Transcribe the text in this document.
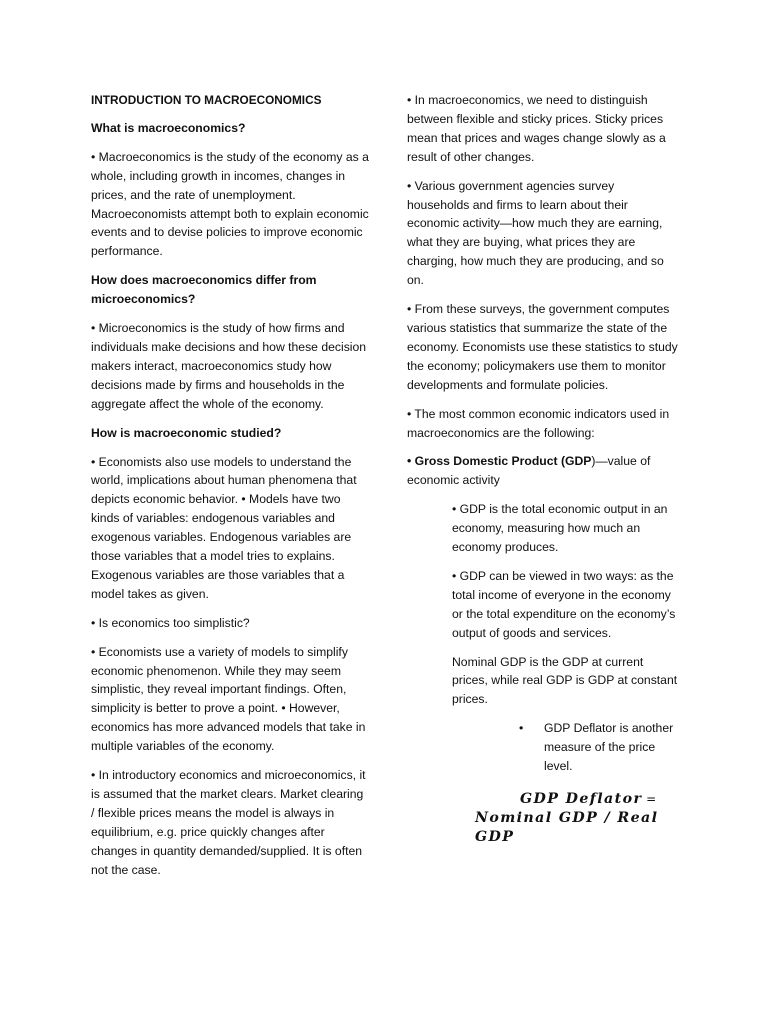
INTRODUCTION TO MACROECONOMICS

What is macroeconomics?

• Macroeconomics is the study of the economy as a whole, including growth in incomes, changes in prices, and the rate of unemployment. Macroeconomists attempt both to explain economic events and to devise policies to improve economic performance.

How does macroeconomics differ from microeconomics?

• Microeconomics is the study of how firms and individuals make decisions and how these decision makers interact, macroeconomics study how decisions made by firms and households in the aggregate affect the whole of the economy.

How is macroeconomic studied?

• Economists also use models to understand the world, implications about human phenomena that depicts economic behavior. • Models have two kinds of variables: endogenous variables and exogenous variables. Endogenous variables are those variables that a model tries to explains. Exogenous variables are those variables that a model takes as given.

• Is economics too simplistic?

• Economists use a variety of models to simplify economic phenomenon. While they may seem simplistic, they reveal important findings. Often, simplicity is better to prove a point. • However, economics has more advanced models that take in multiple variables of the economy.

• In introductory economics and microeconomics, it is assumed that the market clears. Market clearing / flexible prices means the model is always in equilibrium, e.g. price quickly changes after changes in quantity demanded/supplied. It is often not the case.

• In macroeconomics, we need to distinguish between flexible and sticky prices. Sticky prices mean that prices and wages change slowly as a result of other changes.

• Various government agencies survey households and firms to learn about their economic activity—how much they are earning, what they are buying, what prices they are charging, how much they are producing, and so on.

• From these surveys, the government computes various statistics that summarize the state of the economy. Economists use these statistics to study the economy; policymakers use them to monitor developments and formulate policies.

• The most common economic indicators used in macroeconomics are the following:

• Gross Domestic Product (GDP)—value of economic activity

• GDP is the total economic output in an economy, measuring how much an economy produces.

• GDP can be viewed in two ways: as the total income of everyone in the economy or the total expenditure on the economy’s output of goods and services.

Nominal GDP is the GDP at current prices, while real GDP is GDP at constant prices.

•	GDP Deflator is another measure of the price level.
GDP Deflator =
Nominal GDP / Real GDP
